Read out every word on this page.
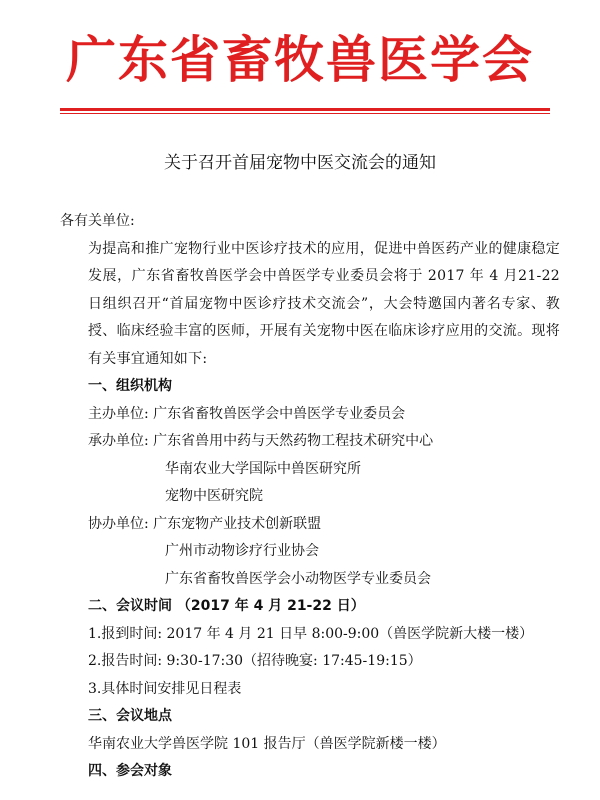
广东省畜牧兽医学会
关于召开首届宠物中医交流会的通知
各有关单位:
为提高和推广宠物行业中医诊疗技术的应用，促进中兽医药产业的健康稳定发展，广东省畜牧兽医学会中兽医学专业委员会将于 2017 年 4 月21-22 日组织召开“首届宠物中医诊疗技术交流会”，大会特邀国内著名专家、教授、临床经验丰富的医师，开展有关宠物中医在临床诊疗应用的交流。现将有关事宜通知如下:
一、组织机构
主办单位: 广东省畜牧兽医学会中兽医学专业委员会
承办单位: 广东省兽用中药与天然药物工程技术研究中心
华南农业大学国际中兽医研究所
宠物中医研究院
协办单位: 广东宠物产业技术创新联盟
广州市动物诊疗行业协会
广东省畜牧兽医学会小动物医学专业委员会
二、会议时间 （2017 年 4 月 21-22 日）
1.报到时间: 2017 年 4 月 21 日早 8:00-9:00（兽医学院新大楼一楼）
2.报告时间: 9:30-17:30（招待晚宴: 17:45-19:15）
3.具体时间安排见日程表
三、会议地点
华南农业大学兽医学院 101 报告厅（兽医学院新楼一楼）
四、参会对象
